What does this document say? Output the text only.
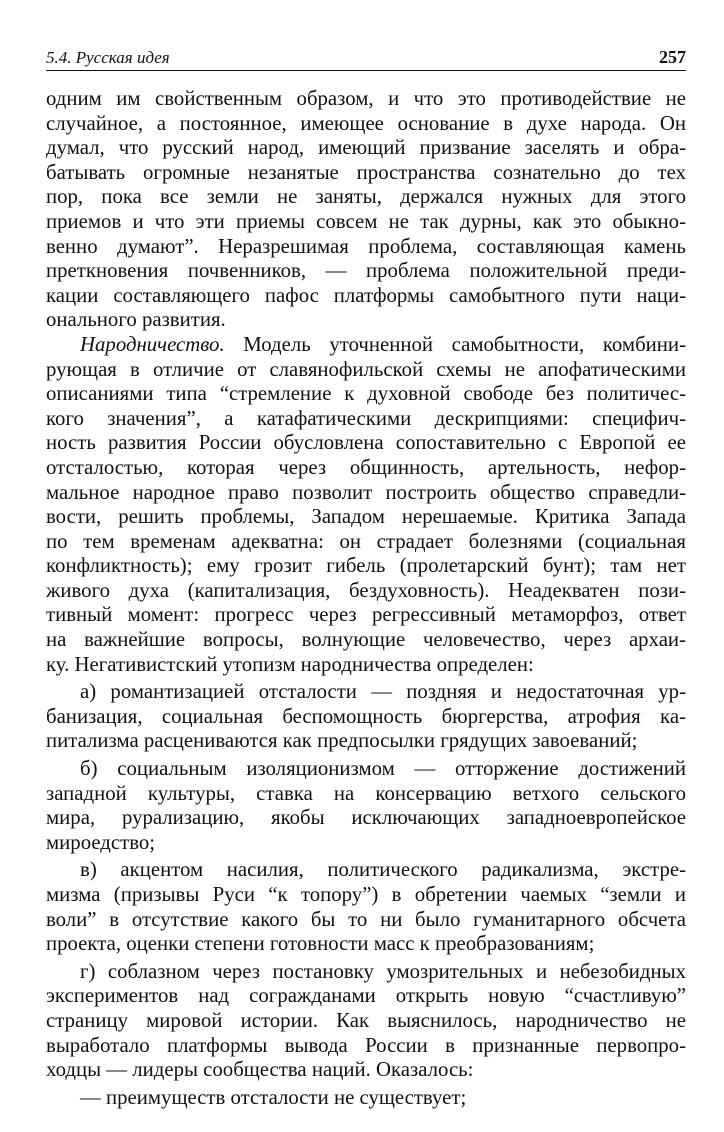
5.4. Русская идея	257
одним им свойственным образом, и что это противодействие не
случайное, а постоянное, имеющее основание в духе народа. Он
думал, что русский народ, имеющий призвание заселять и обра-
батывать огромные незанятые пространства сознательно до тех
пор, пока все земли не заняты, держался нужных для этого
приемов и что эти приемы совсем не так дурны, как это обыкно-
венно думают”. Неразрешимая проблема, составляющая камень
преткновения почвенников, — проблема положительной преди-
кации составляющего пафос платформы самобытного пути наци-
онального развития.
Народничество. Модель уточненной самобытности, комбини-
рующая в отличие от славянофильской схемы не апофатическими
описаниями типа “стремление к духовной свободе без политичес-
кого значения”, а катафатическими дескрипциями: специфич-
ность развития России обусловлена сопоставительно с Европой ее
отсталостью, которая через общинность, артельность, нефор-
мальное народное право позволит построить общество справедли-
вости, решить проблемы, Западом нерешаемые. Критика Запада
по тем временам адекватна: он страдает болезнями (социальная
конфликтность); ему грозит гибель (пролетарский бунт); там нет
живого духа (капитализация, бездуховность). Неадекватен пози-
тивный момент: прогресс через регрессивный метаморфоз, ответ
на важнейшие вопросы, волнующие человечество, через архаи-
ку. Негативистский утопизм народничества определен:
а) романтизацией отсталости — поздняя и недостаточная ур-
банизация, социальная беспомощность бюргерства, атрофия ка-
питализма расцениваются как предпосылки грядущих завоеваний;
б) социальным изоляционизмом — отторжение достижений
западной культуры, ставка на консервацию ветхого сельского
мира, рурализацию, якобы исключающих западноевропейское
мироедство;
в) акцентом насилия, политического радикализма, экстре-
мизма (призывы Руси “к топору”) в обретении чаемых “земли и
воли” в отсутствие какого бы то ни было гуманитарного обсчета
проекта, оценки степени готовности масс к преобразованиям;
г) соблазном через постановку умозрительных и небезобидных
экспериментов над согражданами открыть новую “счастливую”
страницу мировой истории. Как выяснилось, народничество не
выработало платформы вывода России в признанные первопро-
ходцы — лидеры сообщества наций. Оказалось:
— преимуществ отсталости не существует;
